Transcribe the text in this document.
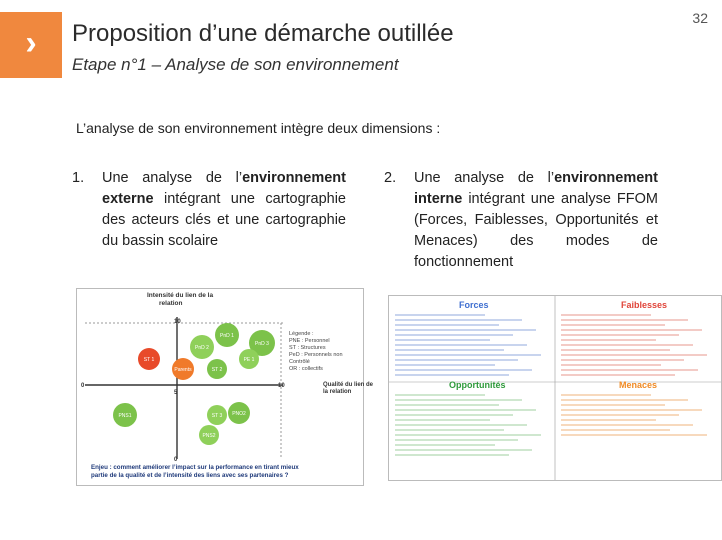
›	Proposition d’une démarche outillée
Etape n°1 – Analyse de son environnement
32
L’analyse de son environnement intègre deux dimensions :
1. Une analyse de l’environnement externe intégrant une cartographie des acteurs clés et une cartographie du bassin scolaire
2. Une analyse de l’environnement interne intégrant une analyse FFOM (Forces, Faiblesses, Opportunités et Menaces) des modes de fonctionnement
Intensité du lien de la
relation
10
0	10
5
0
Qualité du lien de
la relation
PnD 1
PnD 2
PnD 3
ST 1
Parents	ST 2
PE 1
PNS1	ST 3 PNO2
PNS2
Légende :
PNE : Personnel
ST : Structures
PeD : Personnels non
Contrôlé
OR : collectifs
Enjeu : comment améliorer l’impact sur la performance en tirant mieux
partie de la qualité et de l’intensité des liens avec ses partenaires ?
Forces	Faiblesses
Opportunités	Menaces
